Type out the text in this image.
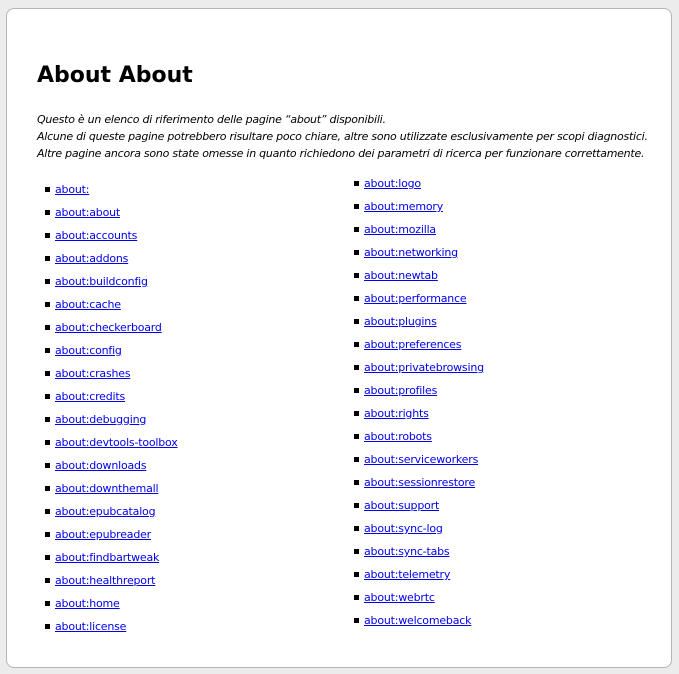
About About
Questo è un elenco di riferimento delle pagine “about” disponibili.
Alcune di queste pagine potrebbero risultare poco chiare, altre sono utilizzate esclusivamente per scopi diagnostici.
Altre pagine ancora sono state omesse in quanto richiedono dei parametri di ricerca per funzionare correttamente.
about:
about:about
about:accounts
about:addons
about:buildconfig
about:cache
about:checkerboard
about:config
about:crashes
about:credits
about:debugging
about:devtools-toolbox
about:downloads
about:downthemall
about:epubcatalog
about:epubreader
about:findbartweak
about:healthreport
about:home
about:license
about:logo
about:memory
about:mozilla
about:networking
about:newtab
about:performance
about:plugins
about:preferences
about:privatebrowsing
about:profiles
about:rights
about:robots
about:serviceworkers
about:sessionrestore
about:support
about:sync-log
about:sync-tabs
about:telemetry
about:webrtc
about:welcomeback
